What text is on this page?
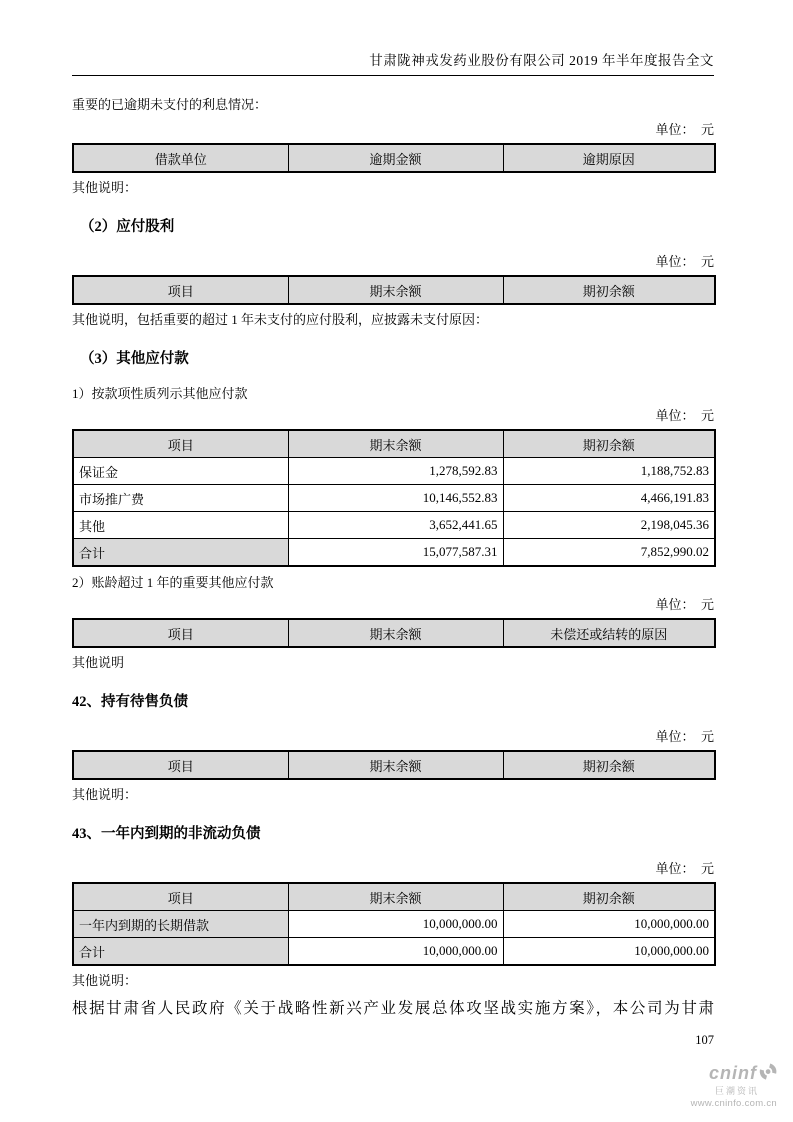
甘肃陇神戎发药业股份有限公司 2019 年半年度报告全文
重要的已逾期未支付的利息情况：
单位：　元
借款单位	逾期金额	逾期原因
其他说明：
（2）应付股利
单位：　元
项目	期末余额	期初余额
其他说明，包括重要的超过 1 年未支付的应付股利，应披露未支付原因：
（3）其他应付款
1）按款项性质列示其他应付款
单位：　元
项目	期末余额	期初余额
保证金	1,278,592.83	1,188,752.83
市场推广费	10,146,552.83	4,466,191.83
其他	3,652,441.65	2,198,045.36
合计	15,077,587.31	7,852,990.02
2）账龄超过 1 年的重要其他应付款
单位：　元
项目	期末余额	未偿还或结转的原因
其他说明
42、持有待售负债
单位：　元
项目	期末余额	期初余额
其他说明：
43、一年内到期的非流动负债
单位：　元
项目	期末余额	期初余额
一年内到期的长期借款	10,000,000.00	10,000,000.00
合计	10,000,000.00	10,000,000.00
其他说明：
根据甘肃省人民政府《关于战略性新兴产业发展总体攻坚战实施方案》，本公司为甘肃
107
cninf
巨潮资讯
www.cninfo.com.cn
